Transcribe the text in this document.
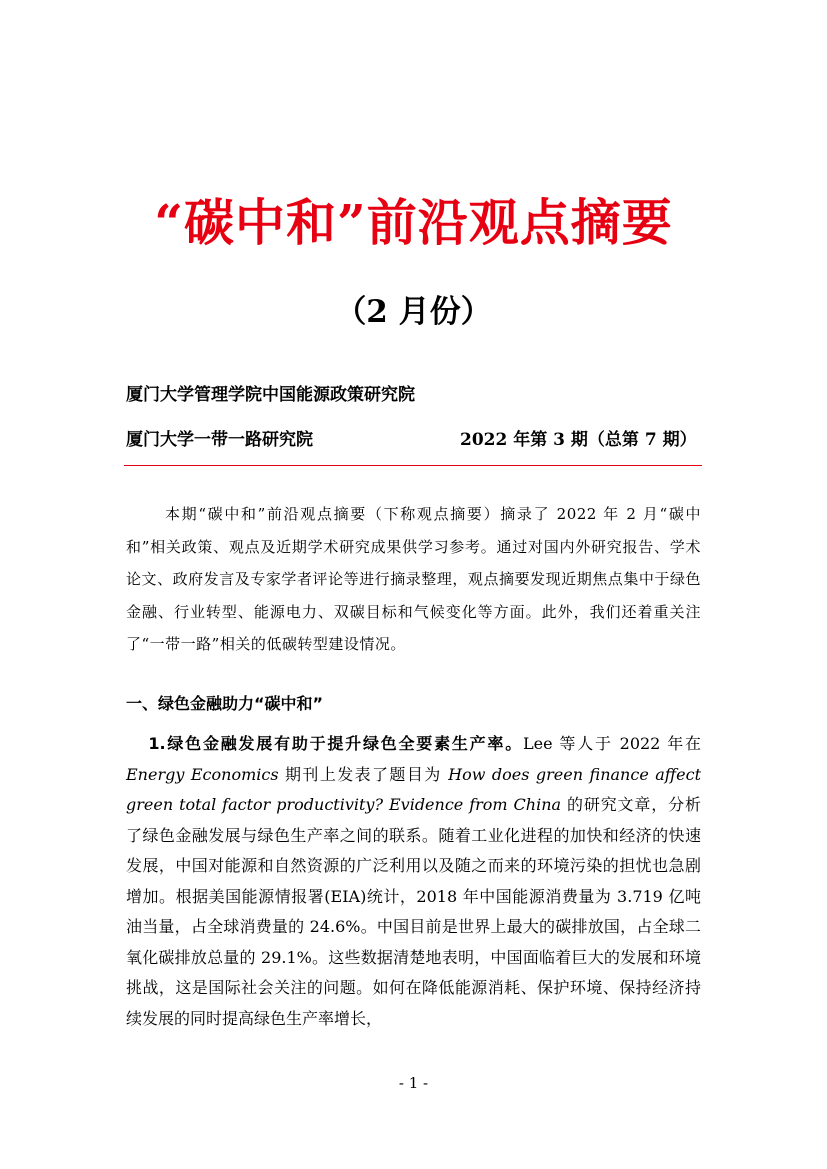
“碳中和”前沿观点摘要
（2 月份）
厦门大学管理学院中国能源政策研究院
厦门大学一带一路研究院	2022 年第 3 期（总第 7 期）

本期“碳中和”前沿观点摘要（下称观点摘要）摘录了 2022 年 2 月“碳中和”相关政策、观点及近期学术研究成果供学习参考。通过对国内外研究报告、学术论文、政府发言及专家学者评论等进行摘录整理，观点摘要发现近期焦点集中于绿色金融、行业转型、能源电力、双碳目标和气候变化等方面。此外，我们还着重关注了“一带一路”相关的低碳转型建设情况。

一、绿色金融助力“碳中和”

1.绿色金融发展有助于提升绿色全要素生产率。Lee 等人于 2022 年在 Energy Economics 期刊上发表了题目为 How does green finance affect green total factor productivity? Evidence from China 的研究文章，分析了绿色金融发展与绿色生产率之间的联系。随着工业化进程的加快和经济的快速发展，中国对能源和自然资源的广泛利用以及随之而来的环境污染的担忧也急剧增加。根据美国能源情报署(EIA)统计，2018 年中国能源消费量为 3.719 亿吨油当量，占全球消费量的 24.6%。中国目前是世界上最大的碳排放国，占全球二氧化碳排放总量的 29.1%。这些数据清楚地表明，中国面临着巨大的发展和环境挑战，这是国际社会关注的问题。如何在降低能源消耗、保护环境、保持经济持续发展的同时提高绿色生产率增长，

- 1 -
